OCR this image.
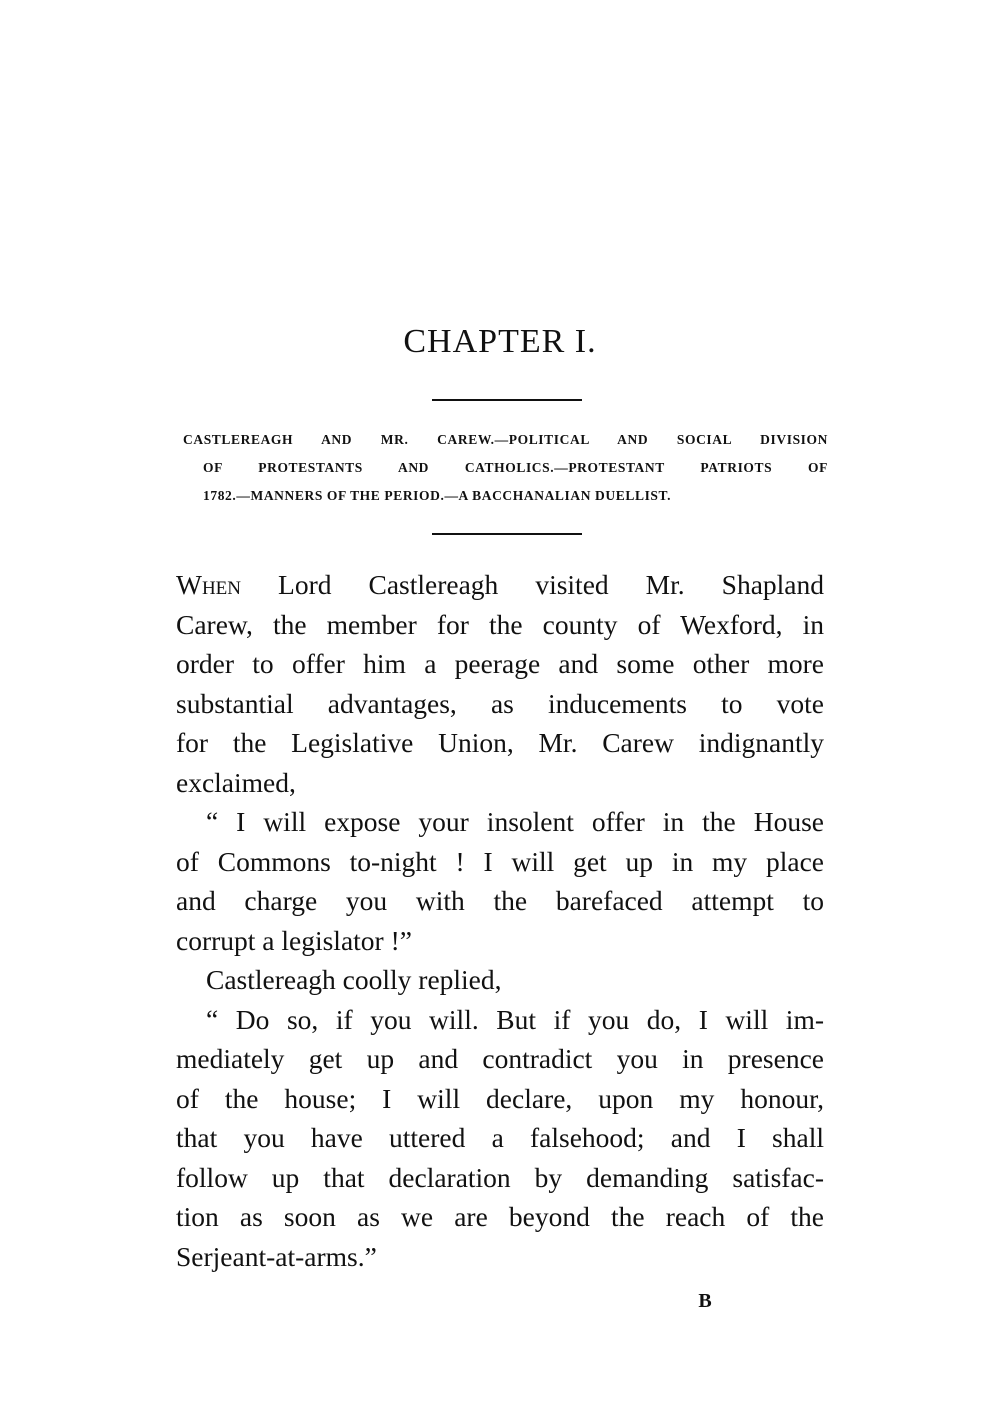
CHAPTER I.
CASTLEREAGH AND MR. CAREW.—POLITICAL AND SOCIAL DIVISION
OF PROTESTANTS AND CATHOLICS.—PROTESTANT PATRIOTS OF
1782.—MANNERS OF THE PERIOD.—A BACCHANALIAN DUELLIST.
When Lord Castlereagh visited Mr. Shapland
Carew, the member for the county of Wexford, in
order to offer him a peerage and some other more
substantial advantages, as inducements to vote
for the Legislative Union, Mr. Carew indignantly
exclaimed,
“ I will expose your insolent offer in the House
of Commons to-night ! I will get up in my place
and charge you with the barefaced attempt to
corrupt a legislator !”
Castlereagh coolly replied,
“ Do so, if you will. But if you do, I will im-
mediately get up and contradict you in presence
of the house; I will declare, upon my honour,
that you have uttered a falsehood; and I shall
follow up that declaration by demanding satisfac-
tion as soon as we are beyond the reach of the
Serjeant-at-arms.”
B
